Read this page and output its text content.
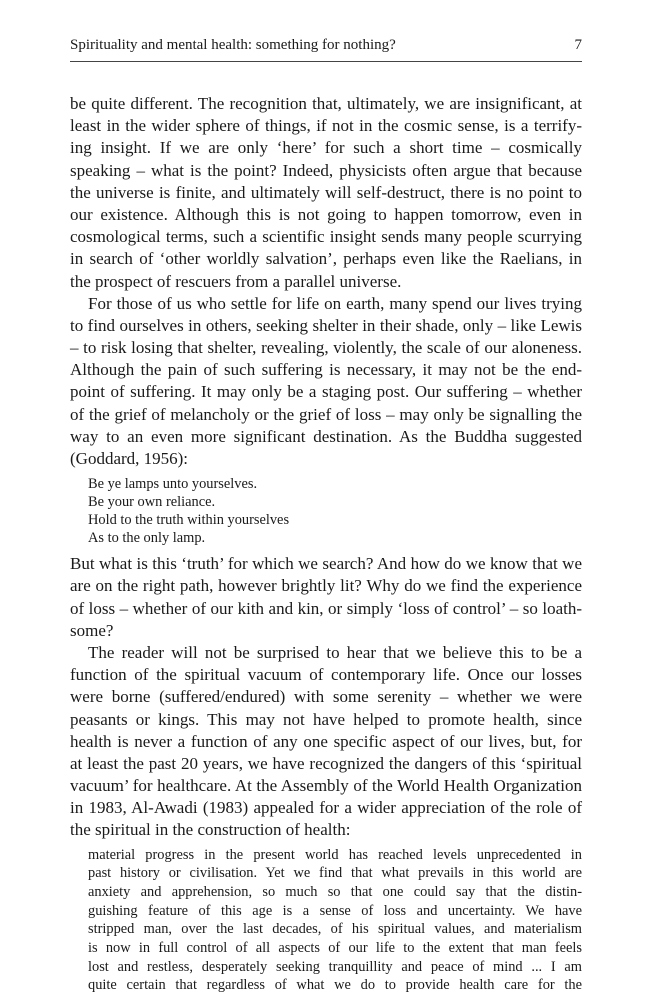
Spirituality and mental health: something for nothing?	7
be quite different. The recognition that, ultimately, we are insignificant, at
least in the wider sphere of things, if not in the cosmic sense, is a terrify-
ing insight. If we are only ‘here’ for such a short time – cosmically
speaking – what is the point? Indeed, physicists often argue that because
the universe is finite, and ultimately will self-destruct, there is no point to
our existence. Although this is not going to happen tomorrow, even in
cosmological terms, such a scientific insight sends many people scurrying
in search of ‘other worldly salvation’, perhaps even like the Raelians, in
the prospect of rescuers from a parallel universe.
For those of us who settle for life on earth, many spend our lives trying
to find ourselves in others, seeking shelter in their shade, only – like Lewis
– to risk losing that shelter, revealing, violently, the scale of our aloneness.
Although the pain of such suffering is necessary, it may not be the end-
point of suffering. It may only be a staging post. Our suffering – whether
of the grief of melancholy or the grief of loss – may only be signalling the
way to an even more significant destination. As the Buddha suggested
(Goddard, 1956):
Be ye lamps unto yourselves.
Be your own reliance.
Hold to the truth within yourselves
As to the only lamp.
But what is this ‘truth’ for which we search? And how do we know that we
are on the right path, however brightly lit? Why do we find the experience
of loss – whether of our kith and kin, or simply ‘loss of control’ – so loath-
some?
The reader will not be surprised to hear that we believe this to be a
function of the spiritual vacuum of contemporary life. Once our losses
were borne (suffered/endured) with some serenity – whether we were
peasants or kings. This may not have helped to promote health, since
health is never a function of any one specific aspect of our lives, but, for
at least the past 20 years, we have recognized the dangers of this ‘spiritual
vacuum’ for healthcare. At the Assembly of the World Health Organization
in 1983, Al-Awadi (1983) appealed for a wider appreciation of the role of
the spiritual in the construction of health:
material progress in the present world has reached levels unprecedented in
past history or civilisation. Yet we find that what prevails in this world are
anxiety and apprehension, so much so that one could say that the distin-
guishing feature of this age is a sense of loss and uncertainty. We have
stripped man, over the last decades, of his spiritual values, and materialism
is now in full control of all aspects of our life to the extent that man feels
lost and restless, desperately seeking tranquillity and peace of mind ... I am
quite certain that regardless of what we do to provide health care for the
